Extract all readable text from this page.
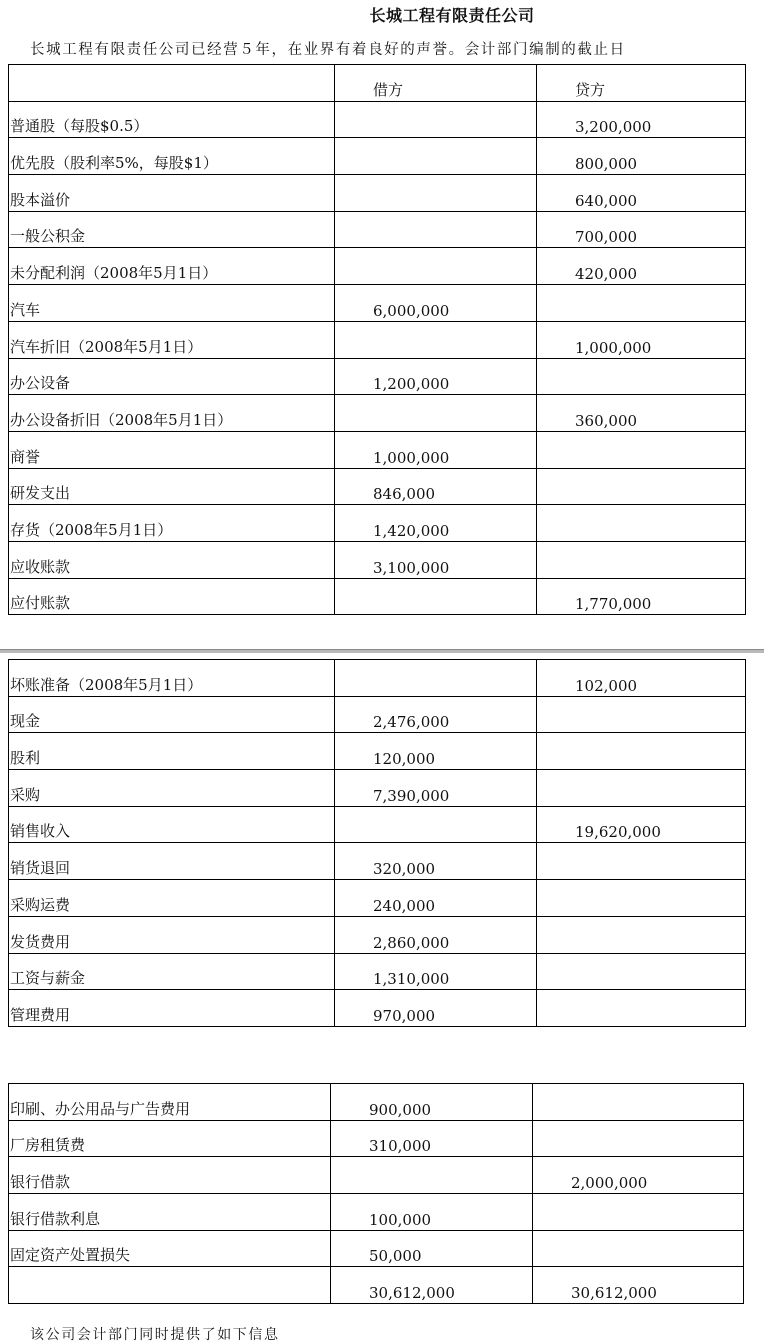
长城工程有限责任公司
长城工程有限责任公司已经营５年，在业界有着良好的声誉。会计部门编制的截止日
	借方	贷方
普通股（每股$0.5）		3,200,000
优先股（股利率5%，每股$1）		800,000
股本溢价		640,000
一般公积金		700,000
未分配利润（2008年5月1日）		420,000
汽车	6,000,000	
汽车折旧（2008年5月1日）		1,000,000
办公设备	1,200,000	
办公设备折旧（2008年5月1日）		360,000
商誉	1,000,000	
研发支出	846,000	
存货（2008年5月1日）	1,420,000	
应收账款	3,100,000	
应付账款		1,770,000
坏账准备（2008年5月1日）		102,000
现金	2,476,000	
股利	120,000	
采购	7,390,000	
销售收入		19,620,000
销货退回	320,000	
采购运费	240,000	
发货费用	2,860,000	
工资与薪金	1,310,000	
管理费用	970,000	
印刷、办公用品与广告费用	900,000	
厂房租赁费	310,000	
银行借款		2,000,000
银行借款利息	100,000	
固定资产处置损失	50,000	
	30,612,000	30,612,000
该公司会计部门同时提供了如下信息
